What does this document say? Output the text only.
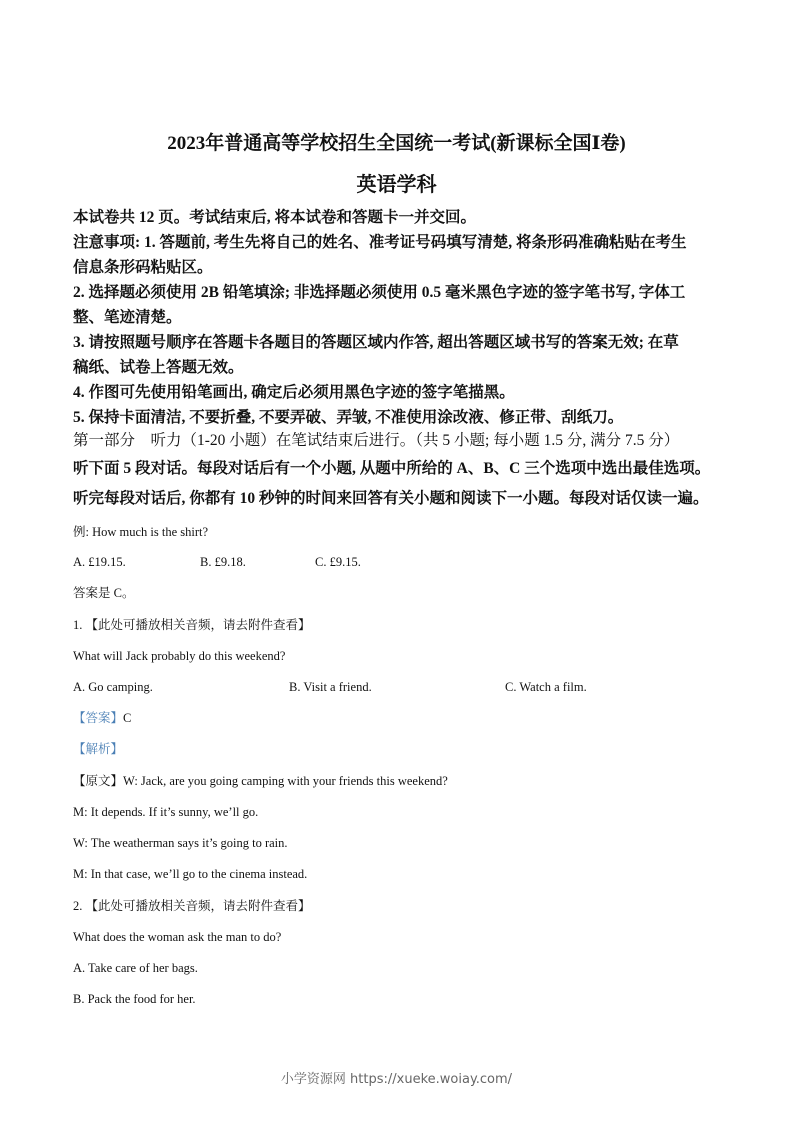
2023年普通高等学校招生全国统一考试(新课标全国Ⅰ卷)
英语学科
本试卷共 12 页。考试结束后, 将本试卷和答题卡一并交回。
注意事项: 1. 答题前, 考生先将自己的姓名、准考证号码填写清楚, 将条形码准确粘贴在考生
信息条形码粘贴区。
2. 选择题必须使用 2B 铅笔填涂; 非选择题必须使用 0.5 毫米黑色字迹的签字笔书写, 字体工
整、笔迹清楚。
3. 请按照题号顺序在答题卡各题目的答题区域内作答, 超出答题区域书写的答案无效; 在草
稿纸、试卷上答题无效。
4. 作图可先使用铅笔画出, 确定后必须用黑色字迹的签字笔描黑。
5. 保持卡面清洁, 不要折叠, 不要弄破、弄皱, 不准使用涂改液、修正带、刮纸刀。
第一部分　听力（1-20 小题）在笔试结束后进行。（共 5 小题; 每小题 1.5 分, 满分 7.5 分）
听下面 5 段对话。每段对话后有一个小题, 从题中所给的 A、B、C 三个选项中选出最佳选项。
听完每段对话后, 你都有 10 秒钟的时间来回答有关小题和阅读下一小题。每段对话仅读一遍。
例: How much is the shirt?
A. £19.15.	B. £9.18.	C. £9.15.
答案是 C。
1. 【此处可播放相关音频，请去附件查看】
What will Jack probably do this weekend?
A. Go camping.	B. Visit a friend.	C. Watch a film.
【答案】C
【解析】
【原文】W: Jack, are you going camping with your friends this weekend?
M: It depends. If it’s sunny, we’ll go.
W: The weatherman says it’s going to rain.
M: In that case, we’ll go to the cinema instead.
2. 【此处可播放相关音频，请去附件查看】
What does the woman ask the man to do?
A. Take care of her bags.
B. Pack the food for her.
小学资源网 https://xueke.woiay.com/
